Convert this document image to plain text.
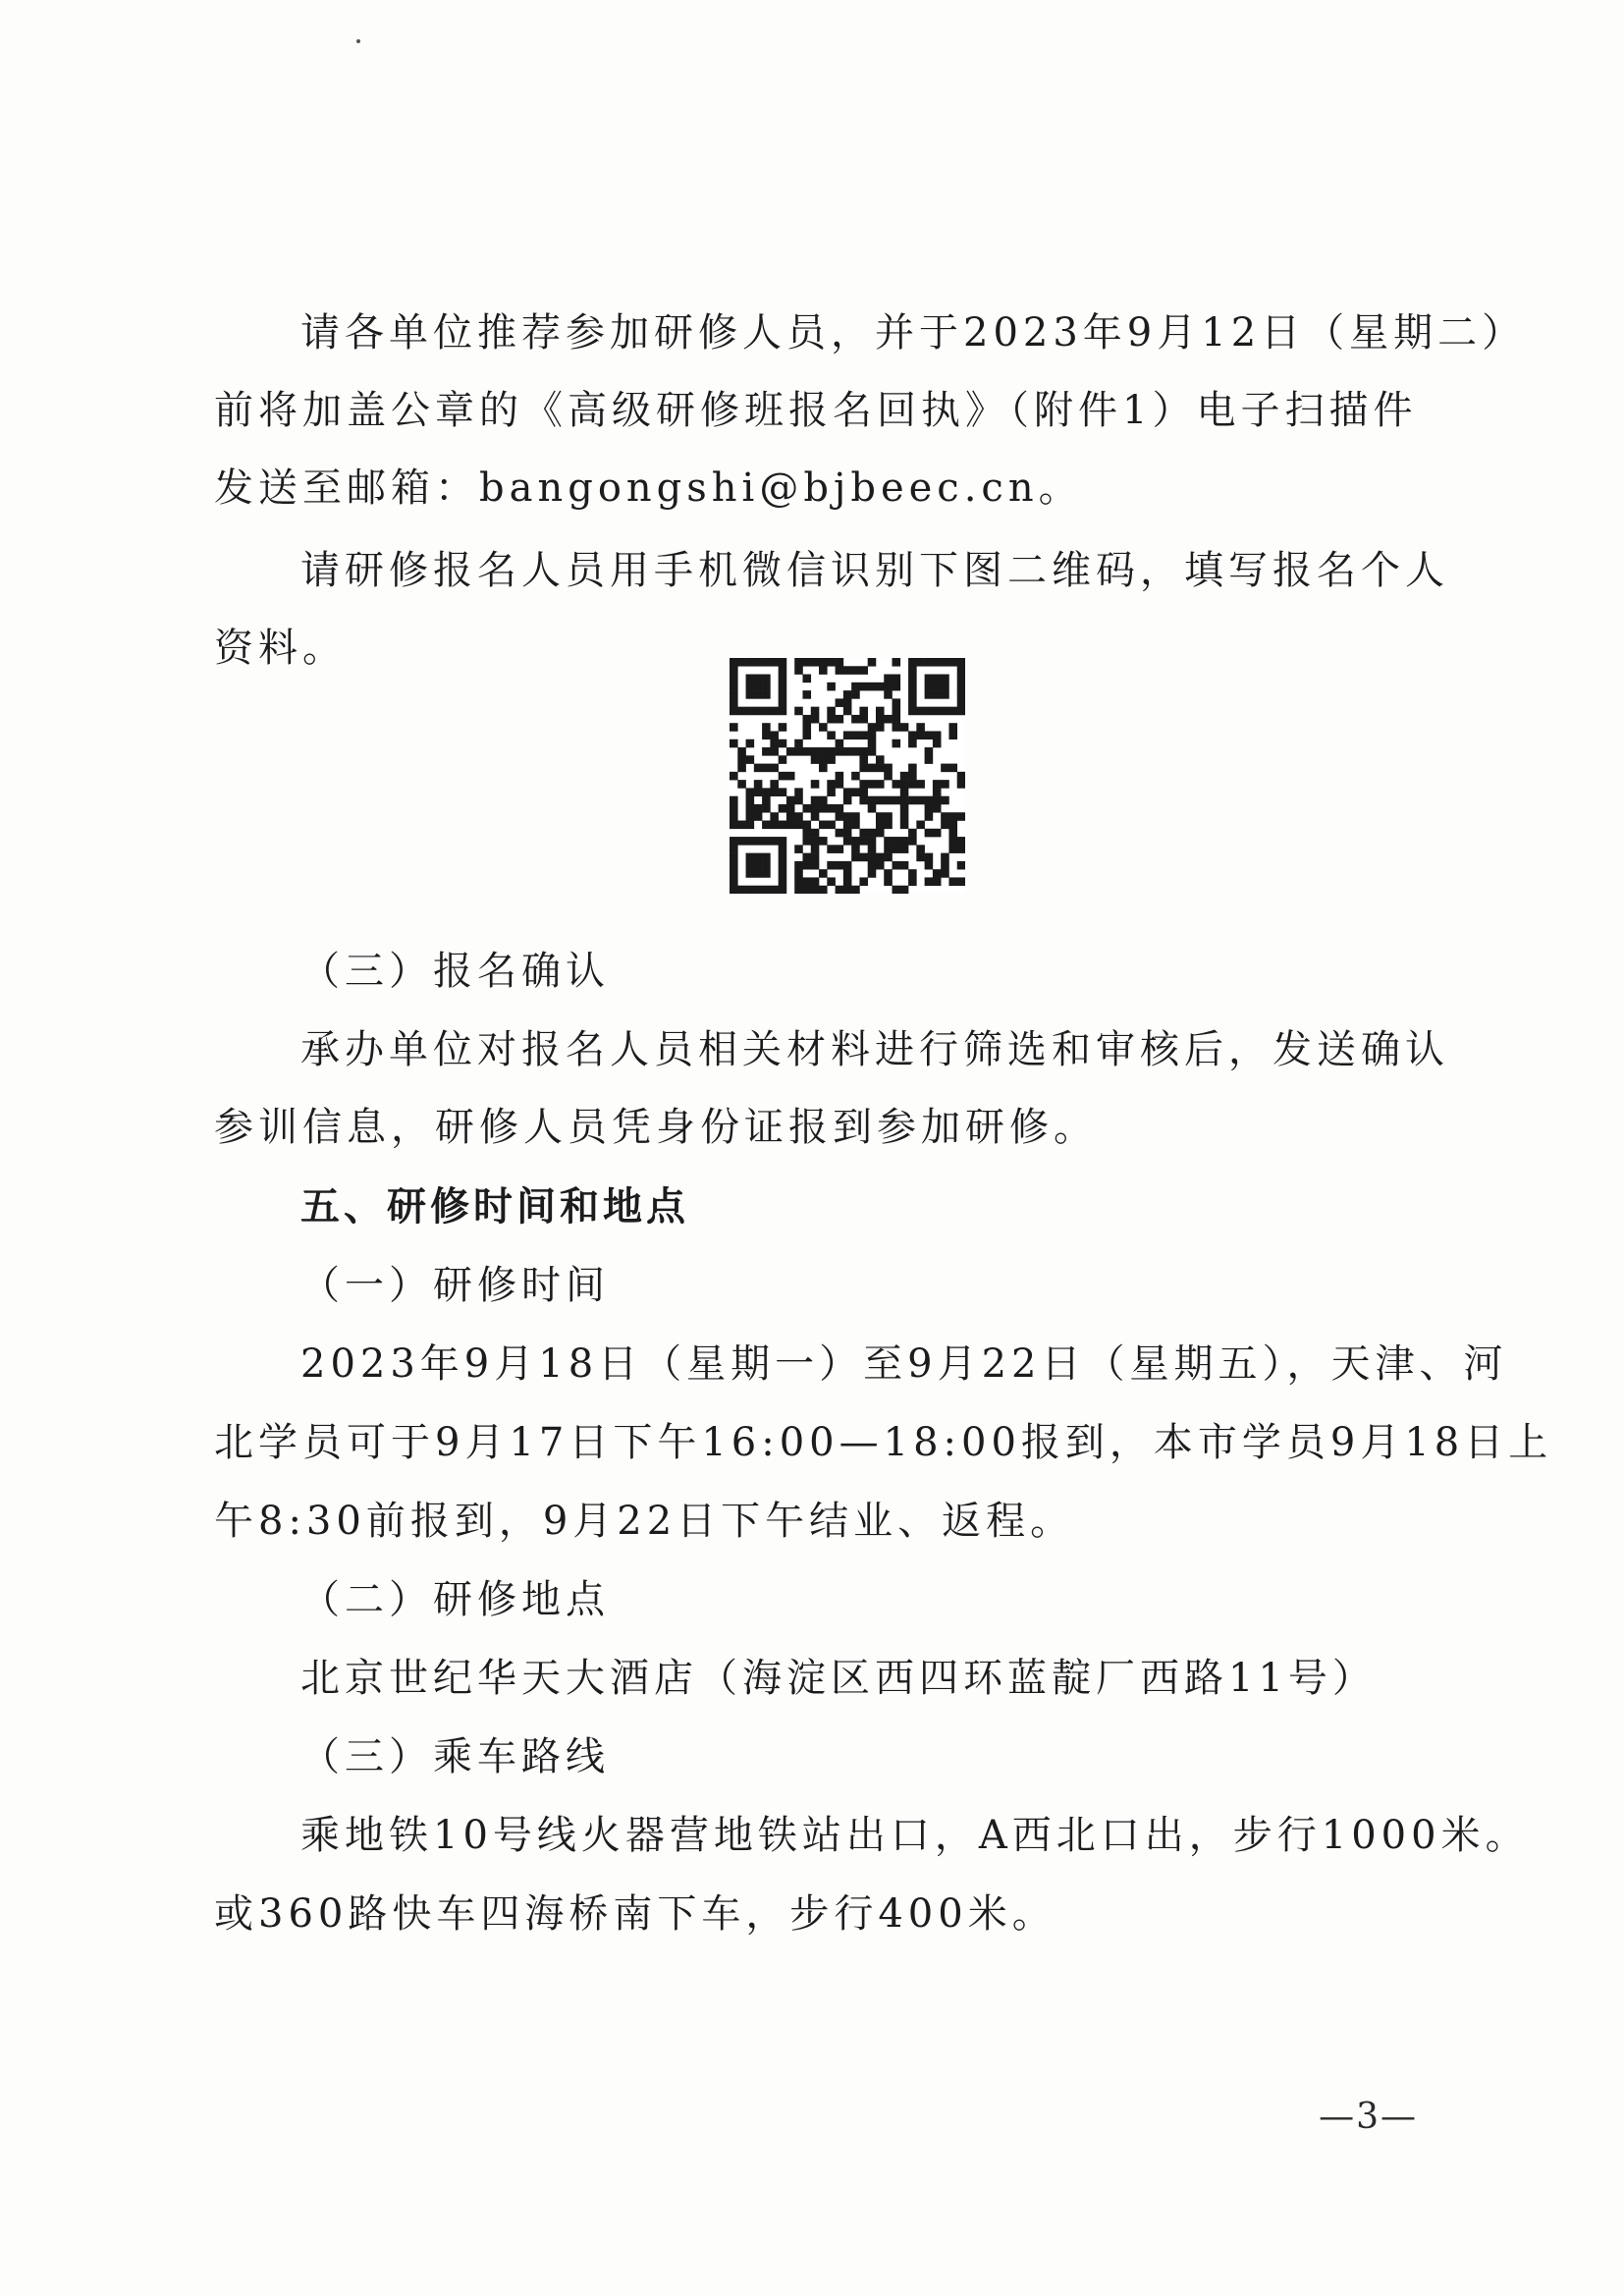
请各单位推荐参加研修人员，并于2023年9月12日（星期二）
前将加盖公章的《高级研修班报名回执》（附件1）电子扫描件
发送至邮箱：bangongshi@bjbeec.cn。
请研修报名人员用手机微信识别下图二维码，填写报名个人
资料。
（三）报名确认
承办单位对报名人员相关材料进行筛选和审核后，发送确认
参训信息，研修人员凭身份证报到参加研修。
五、研修时间和地点
（一）研修时间
2023年9月18日（星期一）至9月22日（星期五），天津、河
北学员可于9月17日下午16:00—18:00报到，本市学员9月18日上
午8:30前报到，9月22日下午结业、返程。
（二）研修地点
北京世纪华天大酒店（海淀区西四环蓝靛厂西路11号）
（三）乘车路线
乘地铁10号线火器营地铁站出口，A西北口出，步行1000米。
或360路快车四海桥南下车，步行400米。
—3—
